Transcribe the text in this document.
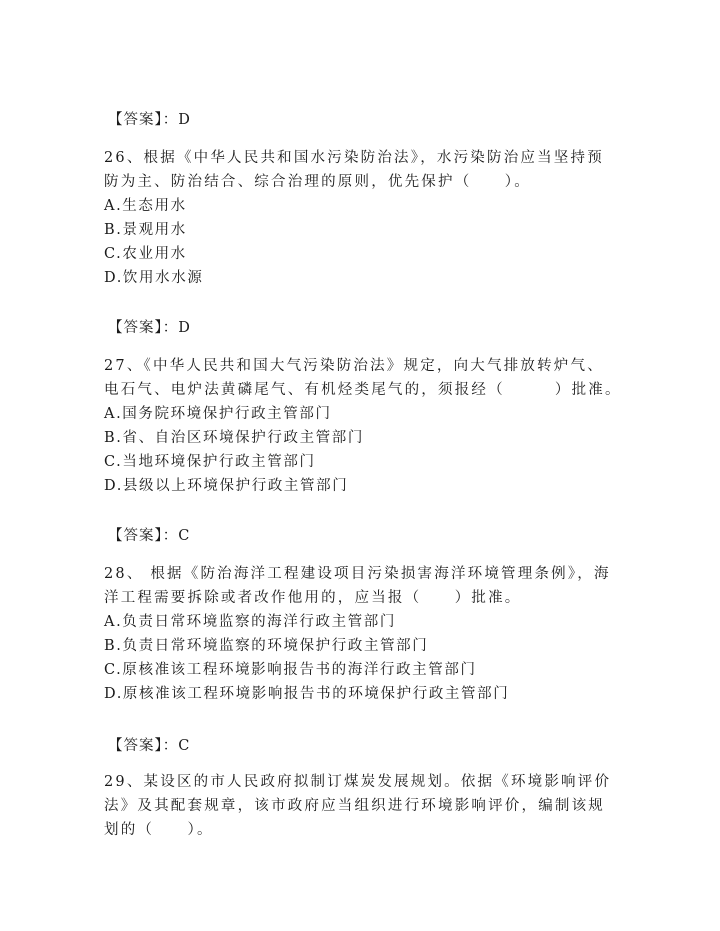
【答案】：D
26、根据《中华人民共和国水污染防治法》，水污染防治应当坚持预
防为主、防治结合、综合治理的原则，优先保护（　　）。
A.生态用水
B.景观用水
C.农业用水
D.饮用水水源
【答案】：D
27、《中华人民共和国大气污染防治法》规定，向大气排放转炉气、
电石气、电炉法黄磷尾气、有机烃类尾气的，须报经（　　　）批准。
A.国务院环境保护行政主管部门
B.省、自治区环境保护行政主管部门
C.当地环境保护行政主管部门
D.县级以上环境保护行政主管部门
【答案】：C
28、 根据《防治海洋工程建设项目污染损害海洋环境管理条例》，海
洋工程需要拆除或者改作他用的，应当报（　　）批准。
A.负责日常环境监察的海洋行政主管部门
B.负责日常环境监察的环境保护行政主管部门
C.原核准该工程环境影响报告书的海洋行政主管部门
D.原核准该工程环境影响报告书的环境保护行政主管部门
【答案】：C
29、某设区的市人民政府拟制订煤炭发展规划。依据《环境影响评价
法》及其配套规章，该市政府应当组织进行环境影响评价，编制该规
划的（　　）。
